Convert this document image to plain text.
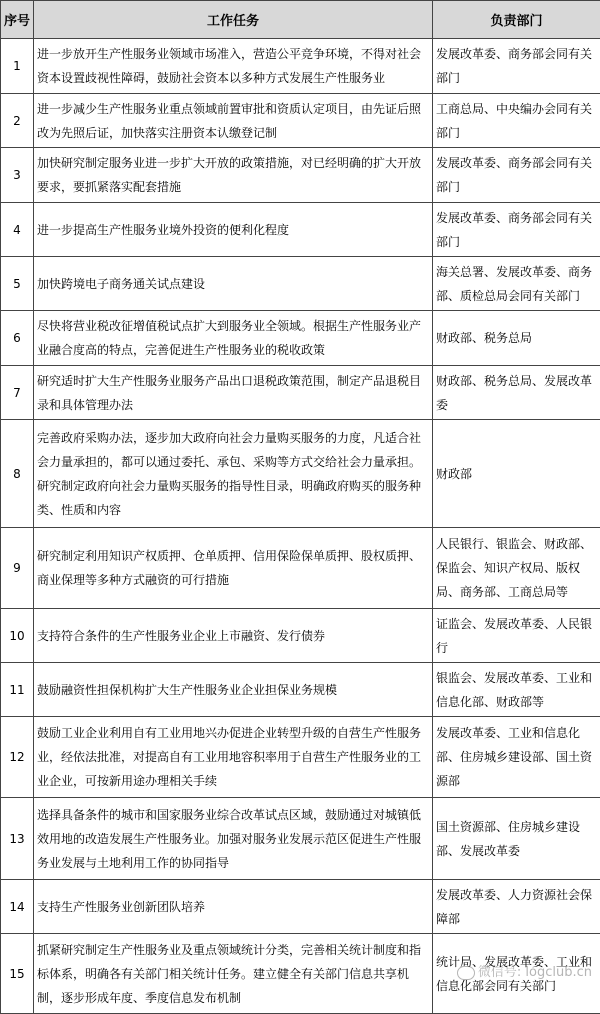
序号	工作任务	负责部门
1	进一步放开生产性服务业领域市场准入，营造公平竞争环境，不得对社会资本设置歧视性障碍，鼓励社会资本以多种方式发展生产性服务业	发展改革委、商务部会同有关部门
2	进一步减少生产性服务业重点领域前置审批和资质认定项目，由先证后照改为先照后证，加快落实注册资本认缴登记制	工商总局、中央编办会同有关部门
3	加快研究制定服务业进一步扩大开放的政策措施，对已经明确的扩大开放要求，要抓紧落实配套措施	发展改革委、商务部会同有关部门
4	进一步提高生产性服务业境外投资的便利化程度	发展改革委、商务部会同有关部门
5	加快跨境电子商务通关试点建设	海关总署、发展改革委、商务部、质检总局会同有关部门
6	尽快将营业税改征增值税试点扩大到服务业全领域。根据生产性服务业产业融合度高的特点，完善促进生产性服务业的税收政策	财政部、税务总局
7	研究适时扩大生产性服务业服务产品出口退税政策范围，制定产品退税目录和具体管理办法	财政部、税务总局、发展改革委
8	完善政府采购办法，逐步加大政府向社会力量购买服务的力度，凡适合社会力量承担的，都可以通过委托、承包、采购等方式交给社会力量承担。研究制定政府向社会力量购买服务的指导性目录，明确政府购买的服务种类、性质和内容	财政部
9	研究制定利用知识产权质押、仓单质押、信用保险保单质押、股权质押、商业保理等多种方式融资的可行措施	人民银行、银监会、财政部、保监会、知识产权局、版权局、商务部、工商总局等
10	支持符合条件的生产性服务业企业上市融资、发行债券	证监会、发展改革委、人民银行
11	鼓励融资性担保机构扩大生产性服务业企业担保业务规模	银监会、发展改革委、工业和信息化部、财政部等
12	鼓励工业企业利用自有工业用地兴办促进企业转型升级的自营生产性服务业，经依法批准，对提高自有工业用地容积率用于自营生产性服务业的工业企业，可按新用途办理相关手续	发展改革委、工业和信息化部、住房城乡建设部、国土资源部
13	选择具备条件的城市和国家服务业综合改革试点区域，鼓励通过对城镇低效用地的改造发展生产性服务业。加强对服务业发展示范区促进生产性服务业发展与土地利用工作的协同指导	国土资源部、住房城乡建设部、发展改革委
14	支持生产性服务业创新团队培养	发展改革委、人力资源社会保障部
15	抓紧研究制定生产性服务业及重点领域统计分类，完善相关统计制度和指标体系，明确各有关部门相关统计任务。建立健全有关部门信息共享机制，逐步形成年度、季度信息发布机制	统计局、发展改革委、工业和信息化部会同有关部门
微信号: logclub.cn
